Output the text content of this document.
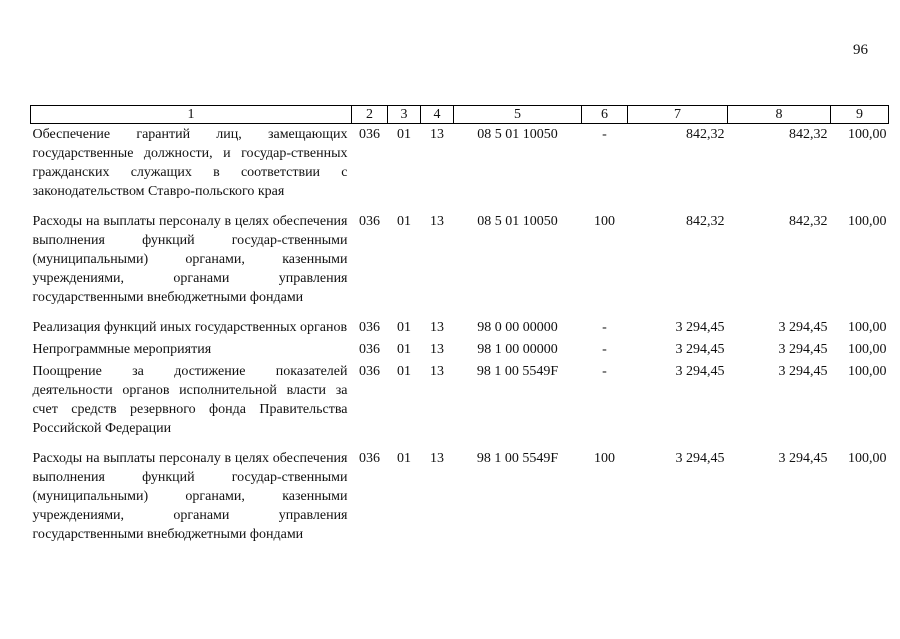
96
1	2	3	4	5	6	7	8	9
Обеспечение гарантий лиц, замещающих государственные должности, и государ-ственных гражданских служащих в соответствии с законодательством Ставро-польского края	036	01	13	08 5 01 10050	-	842,32	842,32	100,00
Расходы на выплаты персоналу в целях обеспечения выполнения функций государ-ственными (муниципальными) органами, казенными учреждениями, органами управления государственными внебюджетными фондами	036	01	13	08 5 01 10050	100	842,32	842,32	100,00
Реализация функций иных государственных органов	036	01	13	98 0 00 00000	-	3 294,45	3 294,45	100,00
Непрограммные мероприятия	036	01	13	98 1 00 00000	-	3 294,45	3 294,45	100,00
Поощрение за достижение показателей деятельности органов исполнительной власти за счет средств резервного фонда Правительства Российской Федерации	036	01	13	98 1 00 5549F	-	3 294,45	3 294,45	100,00
Расходы на выплаты персоналу в целях обеспечения выполнения функций государ-ственными (муниципальными) органами, казенными учреждениями, органами управления государственными внебюджетными фондами	036	01	13	98 1 00 5549F	100	3 294,45	3 294,45	100,00
